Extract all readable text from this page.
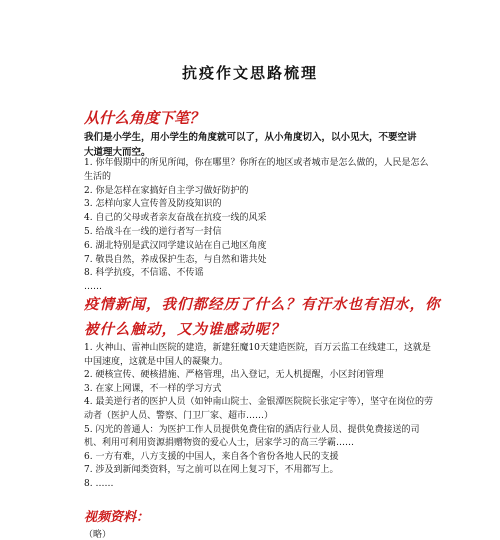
抗疫作文思路梳理
从什么角度下笔？
我们是小学生，用小学生的角度就可以了，从小角度切入，以小见大，不要空讲大道理大而空。
1. 你年假期中的所见所闻，你在哪里？你所在的地区或者城市是怎么做的，人民是怎么生活的
2. 你是怎样在家搞好自主学习做好防护的
3. 怎样向家人宣传普及防疫知识的
4. 自己的父母或者亲友奋战在抗疫一线的风采
5. 给战斗在一线的逆行者写一封信
6. 湖北特别是武汉同学建议站在自己地区角度
7. 敬畏自然，养成保护生态，与自然和谐共处
8. 科学抗疫，不信谣、不传谣
……
疫情新闻，我们都经历了什么？有汗水也有泪水，你被什么触动，又为谁感动呢？
1. 火神山、雷神山医院的建造，新建狂魔10天建造医院，百万云监工在线建工，这就是中国速度，这就是中国人的凝聚力。
2. 硬核宣传、硬核措施、严格管理，出入登记，无人机提醒，小区封闭管理
3. 在家上网课，不一样的学习方式
4. 最美逆行者的医护人员（如钟南山院士、金银潭医院院长张定宇等），坚守在岗位的劳动者（医护人员、警察、门卫厂家、超市……）
5. 闪光的普通人：为医护工作人员提供免费住宿的酒店行业人员、提供免费接送的司机、利用可利用资源捐赠物资的爱心人士，居家学习的高三学霸……
6. 一方有难，八方支援的中国人，来自各个省份各地人民的支援
7. 涉及到新闻类资料，写之前可以在网上复习下，不用都写上。
8. ……
视频资料：
（略）
